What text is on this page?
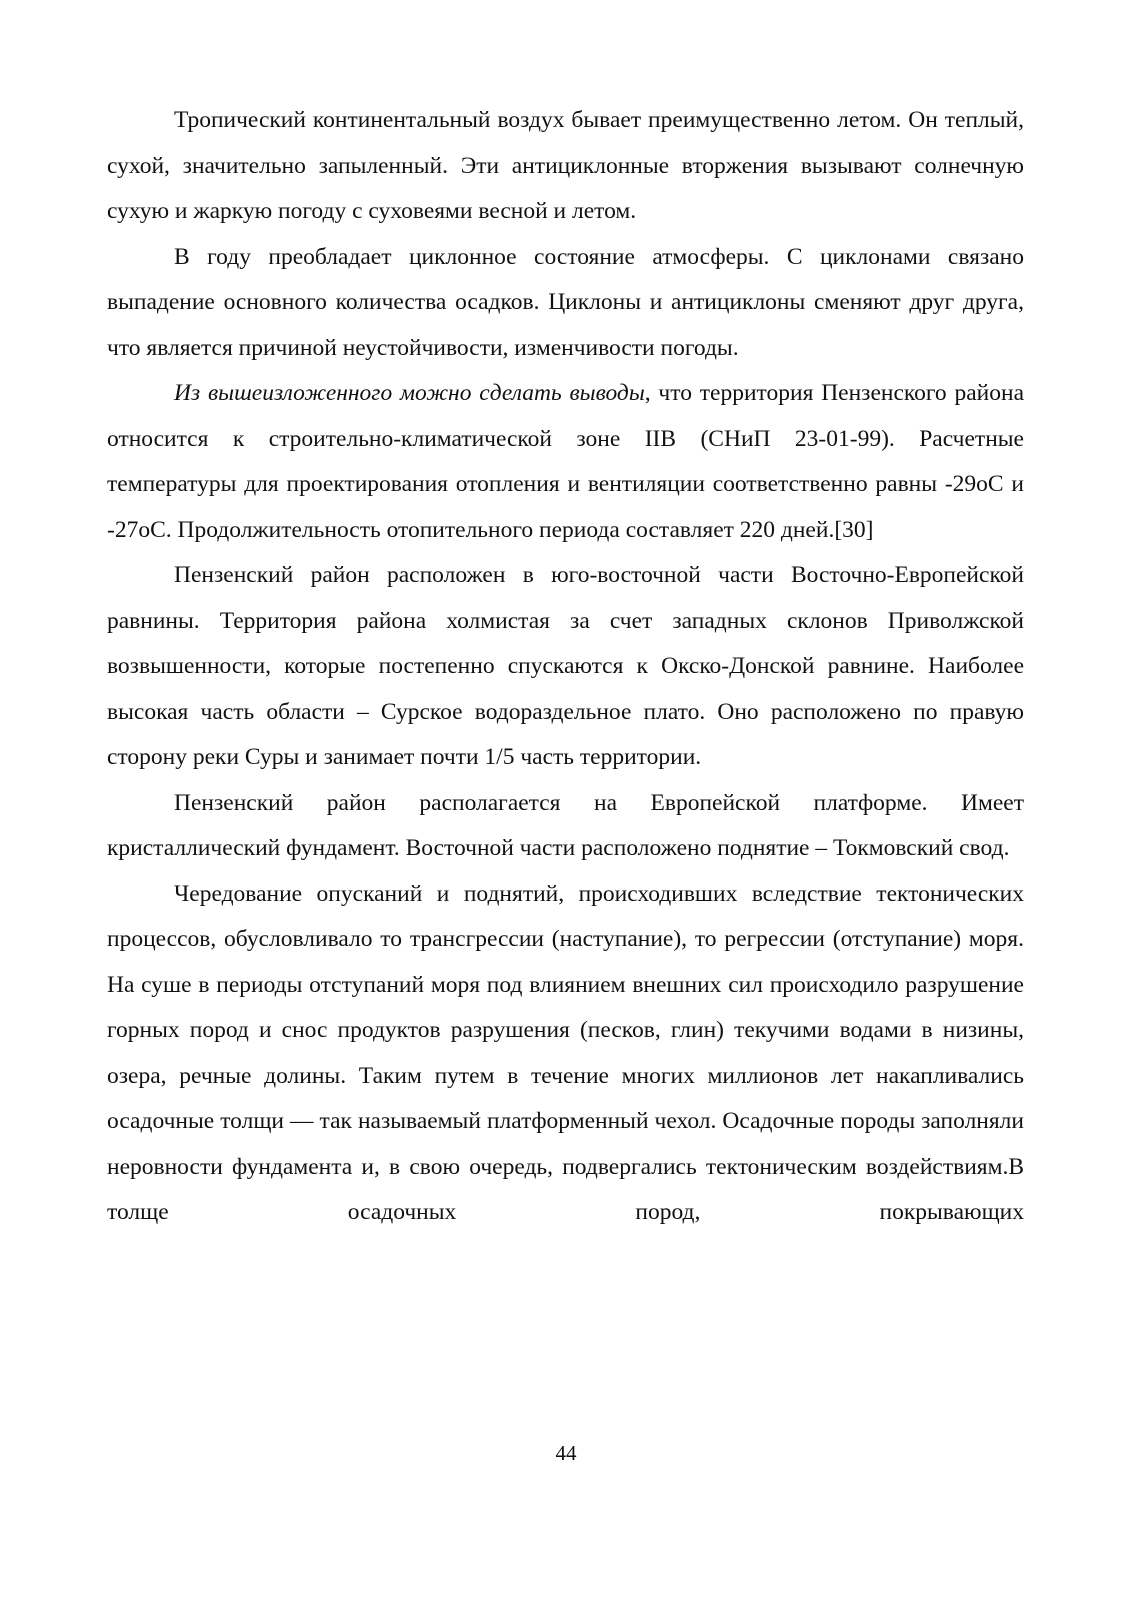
Тропический континентальный воздух бывает преимущественно летом. Он теплый, сухой, значительно запыленный. Эти антициклонные вторжения вызывают солнечную сухую и жаркую погоду с суховеями весной и летом.

В году преобладает циклонное состояние атмосферы. С циклонами связано выпадение основного количества осадков. Циклоны и антициклоны сменяют друг друга, что является причиной неустойчивости, изменчивости погоды.

Из вышеизложенного можно сделать выводы, что территория Пензенского района относится к строительно-климатической зоне IIВ (СНиП 23-01-99). Расчетные температуры для проектирования отопления и вентиляции соответственно равны -29оС и -27оС. Продолжительность отопительного периода составляет 220 дней.[30]

Пензенский район расположен в юго-восточной части Восточно-Европейской равнины. Территория района холмистая за счет западных склонов Приволжской возвышенности, которые постепенно спускаются к Окско-Донской равнине. Наиболее высокая часть области – Сурское водораздельное плато. Оно расположено по правую сторону реки Суры и занимает почти 1/5 часть территории.

Пензенский район располагается на Европейской платформе. Имеет кристаллический фундамент. Восточной части расположено поднятие – Токмовский свод.

Чередование опусканий и поднятий, происходивших вследствие тектонических процессов, обусловливало то трансгрессии (наступание), то регрессии (отступание) моря. На суше в периоды отступаний моря под влиянием внешних сил происходило разрушение горных пород и снос продуктов разрушения (песков, глин) текучими водами в низины, озера, речные долины. Таким путем в течение многих миллионов лет накапливались осадочные толщи — так называемый платформенный чехол. Осадочные породы заполняли неровности фундамента и, в свою очередь, подвергались тектоническим воздействиям.В толще осадочных пород, покрывающих

44
